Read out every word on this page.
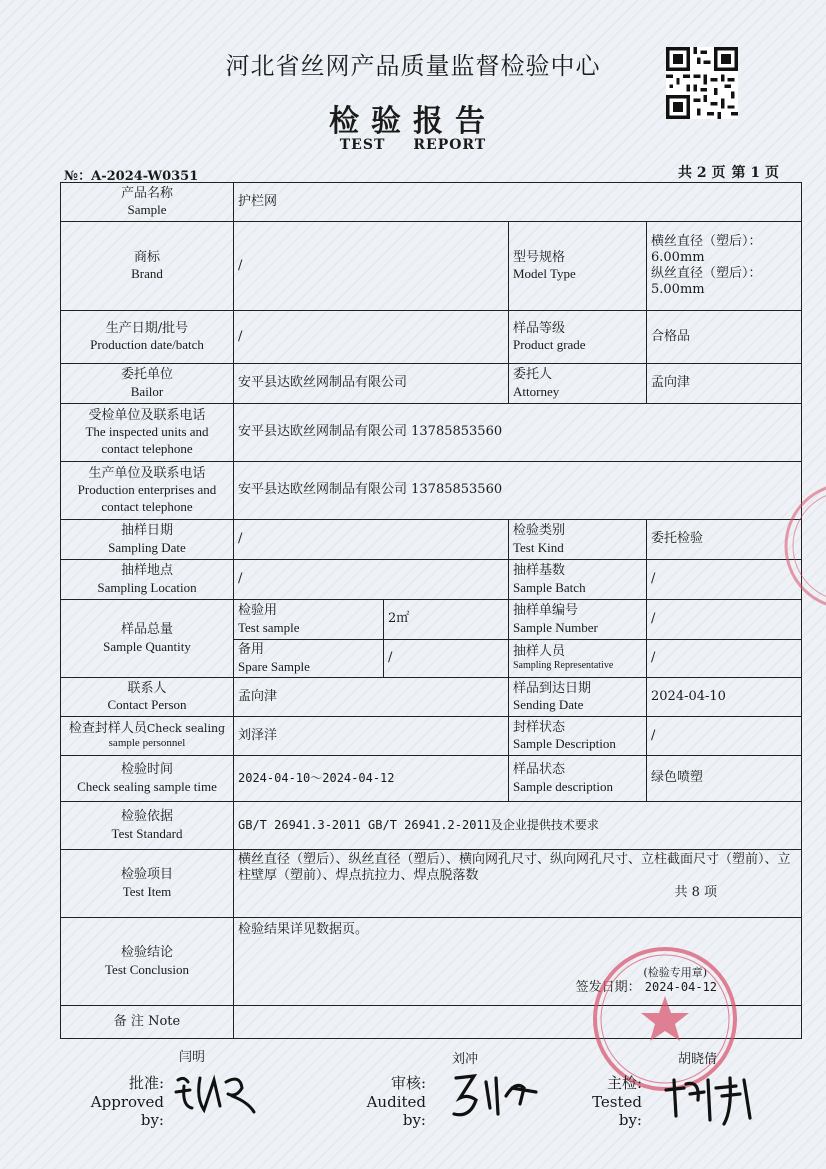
河北省丝网产品质量监督检验中心
检验报告
TEST REPORT
№：A-2024-W0351	共 2 页 第 1 页
产品名称
Sample	护栏网			

商标
Brand	/		型号规格
Model Type	横丝直径（塑后）：
6.00mm
纵丝直径（塑后）：
5.00mm

生产日期/批号
Production date/batch	/		样品等级
Product grade	合格品

委托单位
Bailor	安平县达欧丝网制品有限公司		委托人
Attorney	孟向津

受检单位及联系电话
The inspected units and
contact telephone	安平县达欧丝网制品有限公司 13785853560			

生产单位及联系电话
Production enterprises and
contact telephone	安平县达欧丝网制品有限公司 13785853560			

抽样日期
Sampling Date	/		检验类别
Test Kind	委托检验

抽样地点
Sampling Location	/		抽样基数
Sample Batch	/

样品总量
Sample Quantity	检验用
Test sample	2㎡	抽样单编号
Sample Number	/

	备用
Spare Sample	/	抽样人员
Sampling Representative	/

联系人
Contact Person	孟向津		样品到达日期
Sending Date	2024-04-10

检查封样人员Check sealing
sample personnel	刘泽洋		封样状态
Sample Description	/

检验时间
Check sealing sample time	2024-04-10～2024-04-12		样品状态
Sample description	绿色喷塑

检验依据
Test Standard	GB/T 26941.3-2011 GB/T 26941.2-2011及企业提供技术要求			

检验项目
Test Item	横丝直径（塑后）、纵丝直径（塑后）、横向网孔尺寸、纵向网孔尺寸、立柱截面尺寸（塑前）、立柱壁厚（塑前）、焊点抗拉力、焊点脱落数
共 8 项			

检验结论
Test Conclusion	检验结果详见数据页。
(检验专用章)
签发日期： 2024-04-12			

备 注 Note				
闫明	刘冲	胡晓倩
批准:
Approved by:
审核:
Audited by:
主检:
Tested by:
